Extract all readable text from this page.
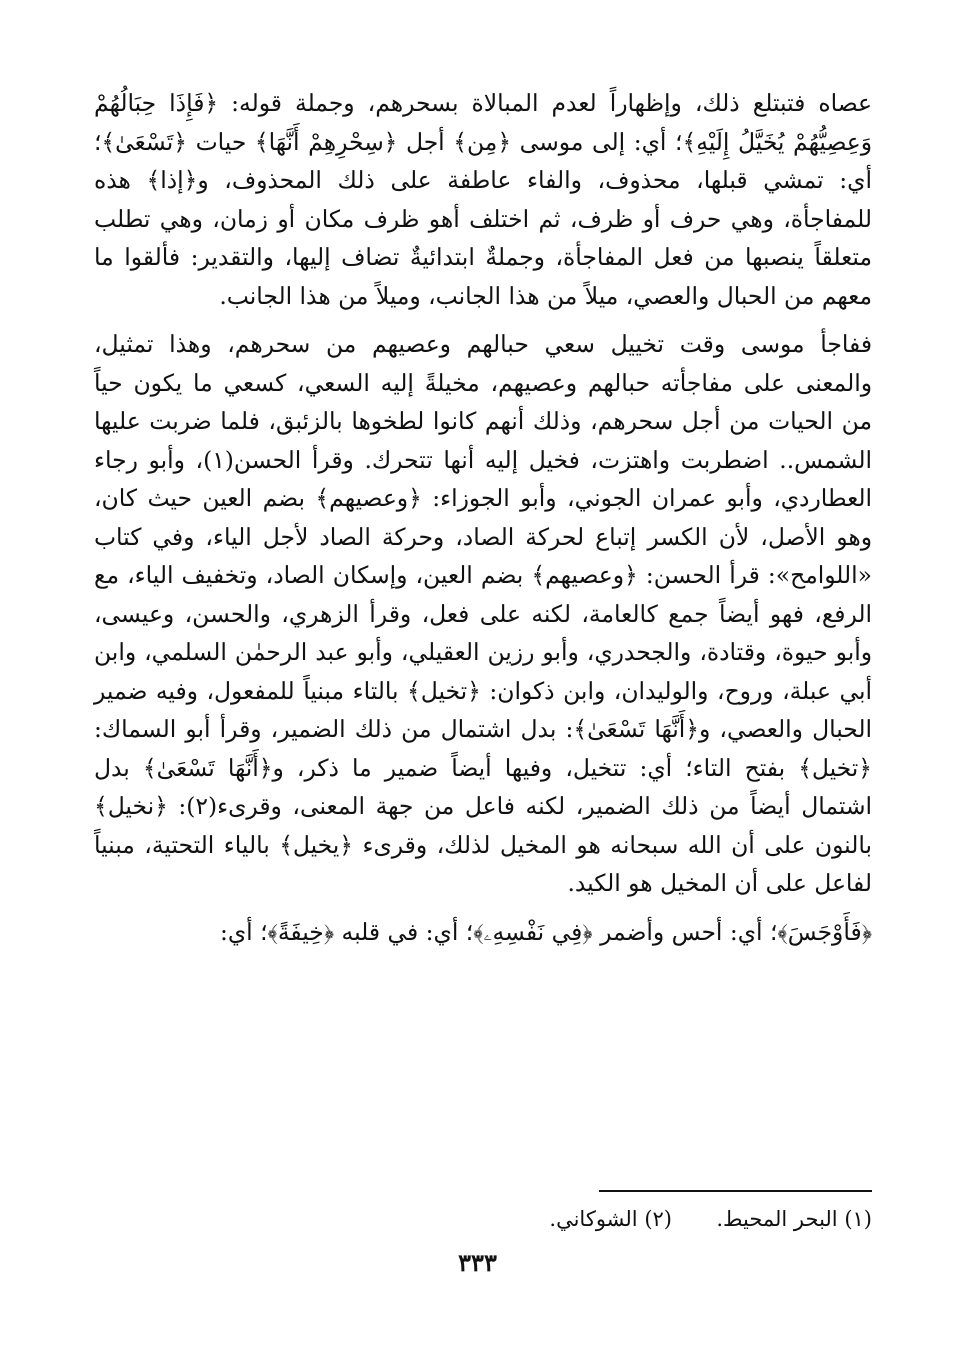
عصاه فتبتلع ذلك، وإظهاراً لعدم المبالاة بسحرهم، وجملة قوله: ﴿فَإِذَا حِبَالُهُمْ وَعِصِيُّهُمْ يُخَيَّلُ إِلَيْهِ﴾؛ أي: إلى موسى ﴿مِن﴾ أجل ﴿سِحْرِهِمْ أَنَّهَا﴾ حيات ﴿تَسْعَىٰ﴾؛ أي: تمشي قبلها، محذوف، والفاء عاطفة على ذلك المحذوف، و﴿إذا﴾ هذه للمفاجأة، وهي حرف أو ظرف، ثم اختلف أهو ظرف مكان أو زمان، وهي تطلب متعلقاً ينصبها من فعل المفاجأة، وجملةٌ ابتدائيةٌ تضاف إليها، والتقدير: فألقوا ما معهم من الحبال والعصي، ميلاً من هذا الجانب، وميلاً من هذا الجانب.

ففاجأ موسى وقت تخييل سعي حبالهم وعصيهم من سحرهم، وهذا تمثيل، والمعنى على مفاجأته حبالهم وعصيهم، مخيلةً إليه السعي، كسعي ما يكون حياً من الحيات من أجل سحرهم، وذلك أنهم كانوا لطخوها بالزئبق، فلما ضربت عليها الشمس.. اضطربت واهتزت، فخيل إليه أنها تتحرك. وقرأ الحسن(١)، وأبو رجاء العطاردي، وأبو عمران الجوني، وأبو الجوزاء: ﴿وعصيهم﴾ بضم العين حيث كان، وهو الأصل، لأن الكسر إتباع لحركة الصاد، وحركة الصاد لأجل الياء، وفي كتاب «اللوامح»: قرأ الحسن: ﴿وعصيهم﴾ بضم العين، وإسكان الصاد، وتخفيف الياء، مع الرفع، فهو أيضاً جمع كالعامة، لكنه على فعل، وقرأ الزهري، والحسن، وعيسى، وأبو حيوة، وقتادة، والجحدري، وأبو رزين العقيلي، وأبو عبد الرحمٰن السلمي، وابن أبي عبلة، وروح، والوليدان، وابن ذكوان: ﴿تخيل﴾ بالتاء مبنياً للمفعول، وفيه ضمير الحبال والعصي، و﴿أَنَّهَا تَسْعَىٰ﴾: بدل اشتمال من ذلك الضمير، وقرأ أبو السماك: ﴿تخيل﴾ بفتح التاء؛ أي: تتخيل، وفيها أيضاً ضمير ما ذكر، و﴿أَنَّهَا تَسْعَىٰ﴾ بدل اشتمال أيضاً من ذلك الضمير، لكنه فاعل من جهة المعنى، وقرىء(٢): ﴿نخيل﴾ بالنون على أن الله سبحانه هو المخيل لذلك، وقرىء ﴿يخيل﴾ بالياء التحتية، مبنياً لفاعل على أن المخيل هو الكيد.

﴿فَأَوْجَسَ﴾؛ أي: أحس وأضمر ﴿فِي نَفْسِهِۦ﴾؛ أي: في قلبه ﴿خِيفَةً﴾؛ أي:

(١) البحر المحيط.(٢) الشوكاني.
٣٣٣
